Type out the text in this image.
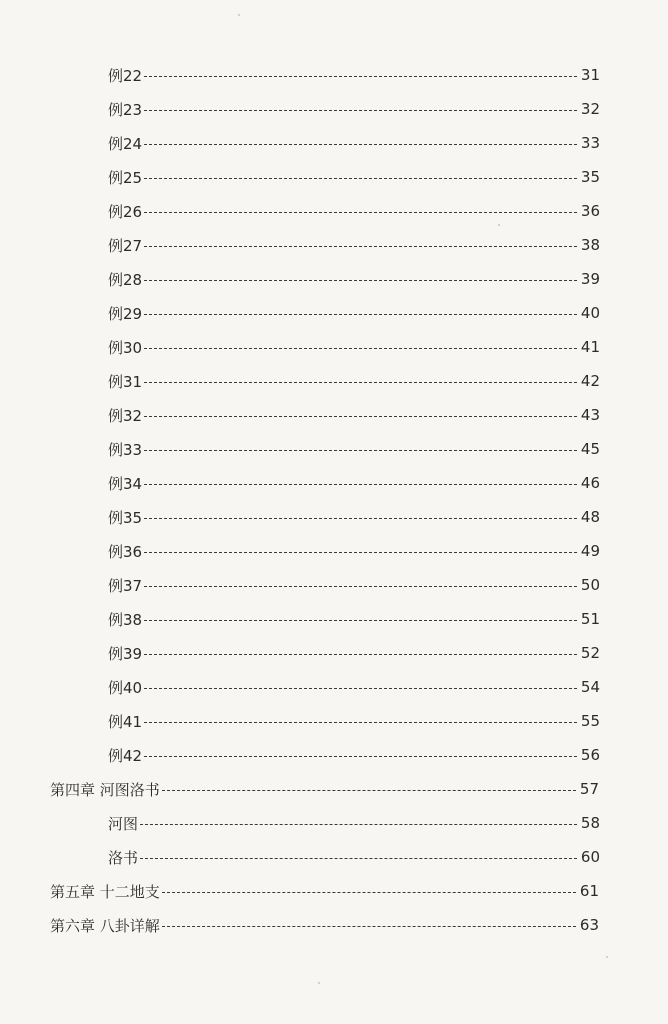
例22	31
例23	32
例24	33
例25	35
例26	36
例27	38
例28	39
例29	40
例30	41
例31	42
例32	43
例33	45
例34	46
例35	48
例36	49
例37	50
例38	51
例39	52
例40	54
例41	55
例42	56
第四章 河图洛书	57
河图	58
洛书	60
第五章 十二地支	61
第六章 八卦详解	63
